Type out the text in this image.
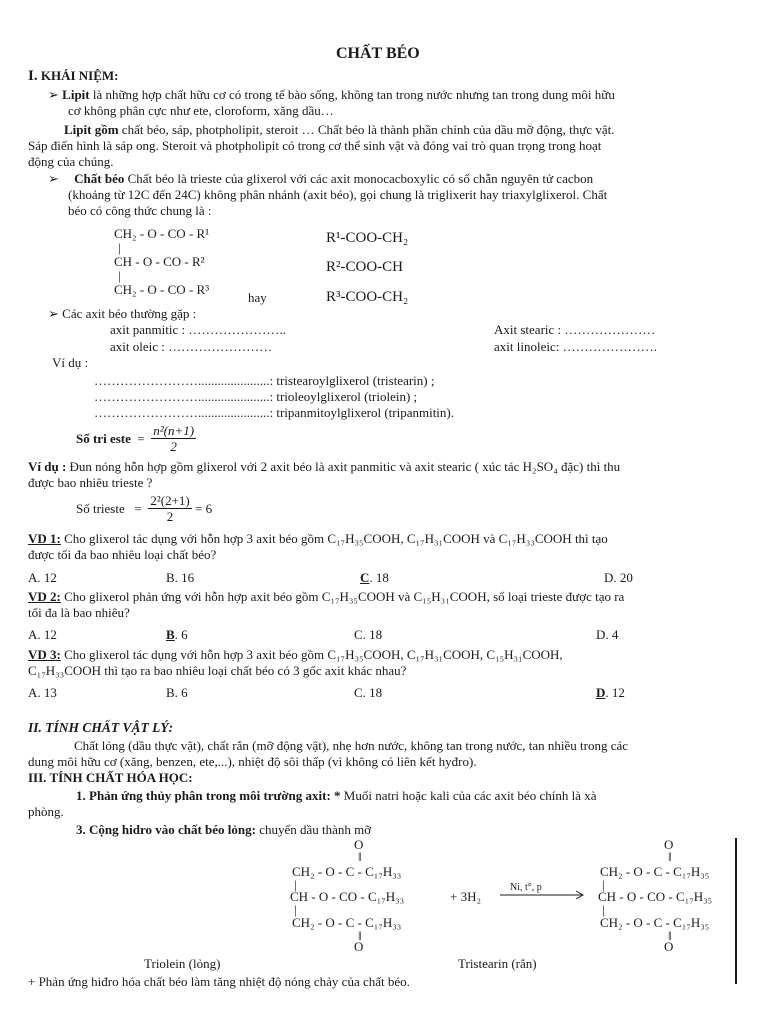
CHẤT BÉO
I. KHÁI NIỆM:
➢ Lipit là những hợp chất hữu cơ có trong tế bào sống, không tan trong nước nhưng tan trong dung môi hữu
cơ không phân cực như ete, cloroform, xăng dầu…
Lipit gồm chất béo, sáp, photpholipit, steroit … Chất béo là thành phần chính của dầu mỡ động, thực vật.
Sáp điển hình là sáp ong. Steroit và photpholipit có trong cơ thể sinh vật và đóng vai trò quan trọng trong hoạt
động của chúng.
➢ Chất béo Chất béo là trieste của glixerol với các axit monocacboxylic có số chẵn nguyên tử cacbon
(khoảng từ 12C đến 24C) không phân nhánh (axit béo), gọi chung là triglixerit hay triaxylglixerol. Chất
béo có công thức chung là :
CH₂ - O - CO - R¹
|
CH - O - CO - R²
|
CH₂ - O - CO - R³
hay
R¹-COO-CH₂
R²-COO-CH
R³-COO-CH₂
➢ Các axit béo thường gặp :
axit panmitic : …………………..	Axit stearic : …………………
axit oleic : ……………………	axit linoleic: ………………….
Ví dụ :
……………………......................: tristearoylglixerol (tristearin) ;
……………………......................: trioleoylglixerol (triolein) ;
……………………......................: tripanmitoylglixerol (tripanmitin).
Số tri este  = $\frac{\text{n²(n+1)}}{2}$
Ví dụ : Đun nóng hỗn hợp gồm glixerol với 2 axit béo là axit panmitic và axit stearic ( xúc tác H₂SO₄ đặc) thì thu
được bao nhiêu trieste ?
Số trieste   = $\frac{\text{2²(2+1)}}{2} = 6$
VD 1: Cho glixerol tác dụng với hỗn hợp 3 axit béo gồm C₁₇H₃₅COOH, C₁₇H₃₁COOH và C₁₇H₃₃COOH thì tạo
được tối đa bao nhiêu loại chất béo?
A. 12	B. 16	C. 18	D. 20
VD 2: Cho glixerol phản ứng với hỗn hợp axit béo gồm C₁₇H₃₅COOH và C₁₅H₃₁COOH, số loại trieste được tạo ra
tối đa là bao nhiêu?
A. 12	B. 6	C. 18	D. 4
VD 3: Cho glixerol tác dụng với hỗn hợp 3 axit béo gồm C₁₇H₃₅COOH, C₁₇H₃₁COOH, C₁₅H₃₁COOH,
C₁₇H₃₃COOH thì tạo ra bao nhiêu loại chất béo có 3 gốc axit khác nhau?
A. 13	B. 6	C. 18	D. 12
II. TÍNH CHẤT VẬT LÝ:
Chất lỏng (dầu thực vật), chất rắn (mỡ động vật), nhẹ hơn nước, không tan trong nước, tan nhiều trong các
dung môi hữu cơ (xăng, benzen, ete,...), nhiệt độ sôi thấp (vì không có liên kết hyđro).
III. TÍNH CHẤT HÓA HỌC:
1. Phản ứng thủy phân trong môi trường axit: * Muối natri hoặc kali của các axit béo chính là xà
phòng.
3. Cộng hidro vào chất béo lỏng: chuyển dầu thành mỡ
O
‖
CH₂ - O - C - C₁₇H₃₃
|
CH - O - CO - C₁₇H₃₃
|
CH₂ - O - C - C₁₇H₃₃
‖
O
+ 3H₂
Ni, t°, p
O
‖
CH₂ - O - C - C₁₇H₃₅
|
CH - O - CO - C₁₇H₃₅
|
CH₂ - O - C - C₁₇H₃₅
‖
O
Triolein (lỏng)	Tristearin (rắn)
+ Phản ứng hiđro hóa chất béo làm tăng nhiệt độ nóng chảy của chất béo.
